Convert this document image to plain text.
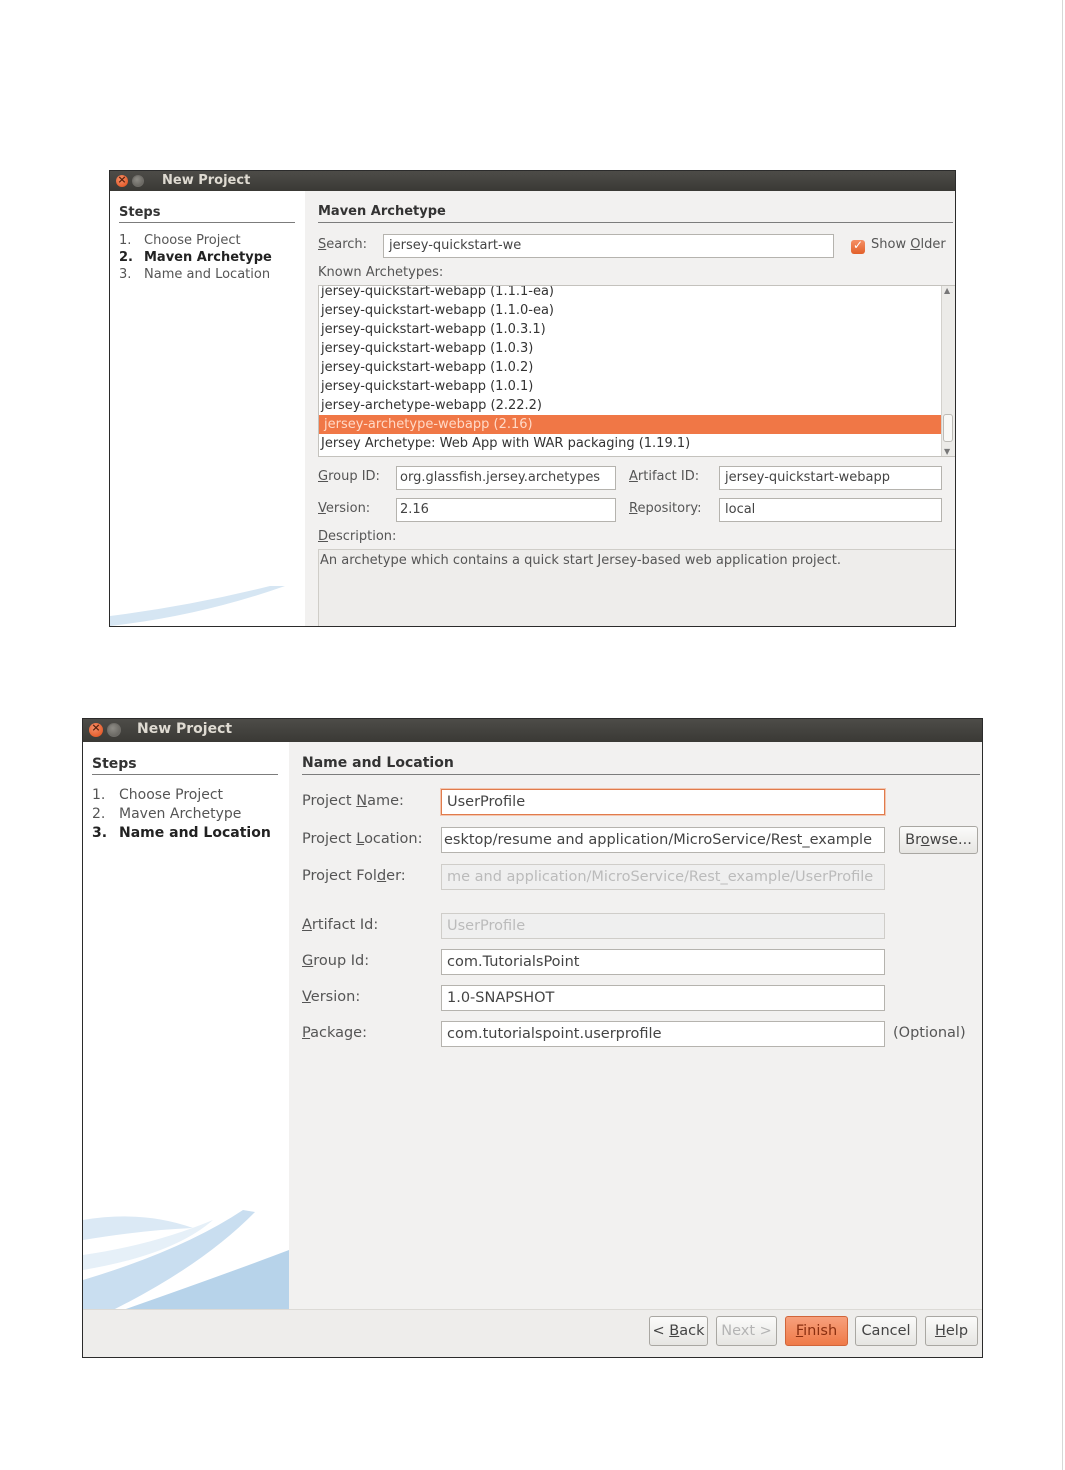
×
New Project
Steps
1. Choose Project
2. Maven Archetype
3. Name and Location
Maven Archetype
Search:	jersey-quickstart-we ✓	Show Older
Known Archetypes:
jersey-quickstart-webapp (1.1.1-ea)
jersey-quickstart-webapp (1.1.0-ea)
jersey-quickstart-webapp (1.0.3.1)
jersey-quickstart-webapp (1.0.3)
jersey-quickstart-webapp (1.0.2)
jersey-quickstart-webapp (1.0.1)
jersey-archetype-webapp (2.22.2)
jersey-archetype-webapp (2.16)
Jersey Archetype: Web App with WAR packaging (1.19.1)
▲
▼
Group ID:	org.glassfish.jersey.archetypes	Artifact ID:	jersey-quickstart-webapp
Version:	2.16	Repository:	local
Description:
An archetype which contains a quick start Jersey-based web application project.
×
New Project
Steps
1. Choose Project
2. Maven Archetype
3. Name and Location
Name and Location
Project Name:	UserProfile
Project Location: esktop/resume and application/MicroService/Rest_example	Browse...
Project Folder:	me and application/MicroService/Rest_example/UserProfile
Artifact Id:	UserProfile
Group Id:	com.TutorialsPoint
Version:	1.0-SNAPSHOT
Package:	com.tutorialspoint.userprofile	(Optional)
< Back	Next >	Finish	Cancel	Help
